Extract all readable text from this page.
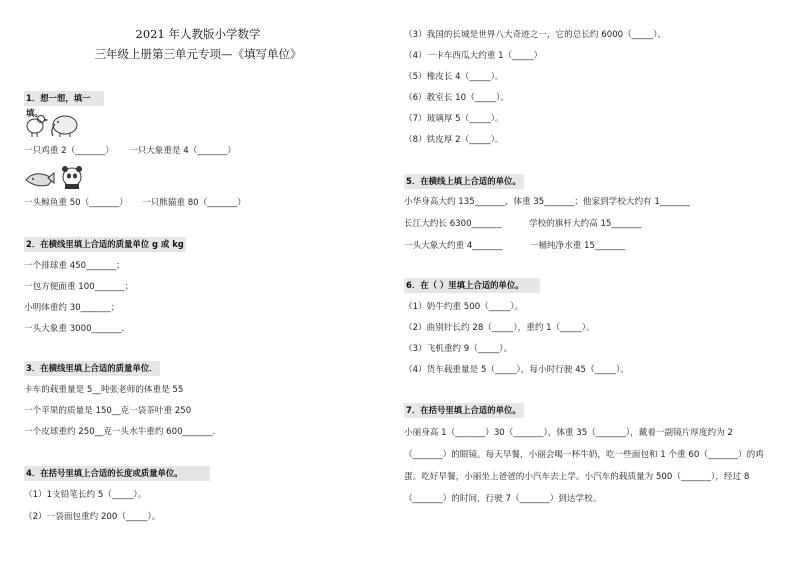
2021 年人教版小学数学
三年级上册第三单元专项—《填写单位》
1．想一想，填一填。
一只鸡重 2（_______） 一只大象重是 4（_______）
一头鲸鱼重 50（_______） 一只熊猫重 80（_______）
2．在横线里填上合适的质量单位 g 或 kg
一个排球重 450_______；
一包方便面重 100_______；
小明体重约 30_______；
一头大象重 3000_______．
3．在横线里填上合适的质量单位．
卡车的载重量是 5__吨张老师的体重是 55
一个苹果的质量是 150__克一袋茶叶重 250
一个皮球重约 250__克一头水牛重约 600_______．
4．在括号里填上合适的长度或质量单位。
（1）1支铅笔长约 5（_____）。
（2）一袋面包重约 200（_____）。
（3）我国的长城是世界八大奇迹之一，它的总长约 6000（_____）。
（4）一卡车西瓜大约重 1（_____）
（5）橡皮长 4（_____）。
（6）教室长 10（_____）。
（7）玻璃厚 5（_____）。
（8）铁皮厚 2（_____）。
5．在横线上填上合适的单位。
小华身高大约 135_______，体重 35_______；他家到学校大约有 1_______
长江大约长 6300_______          学校的旗杆大约高 15_______
一头大象大约重 4_______          一桶纯净水重 15_______
6．在（ ）里填上合适的单位。
（1）奶牛约重 500（_____）。
（2）曲别针长约 28（_____），重约 1（_____）。
（3）飞机重约 9（_____）。
（4）货车载重量是 5（_____），每小时行驶 45（_____）。
7．在括号里填上合适的单位。
小丽身高 1（_______）30（_______），体重 35（_______），戴着一副镜片厚度约为 2
（_______）的眼镜。每天早餐，小丽会喝一杯牛奶，吃一些面包和 1 个重 60（_______）的鸡
蛋。吃好早餐，小丽坐上爸爸的小汽车去上学。小汽车的载质量为 500（_______），经过 8
（_______）的时间，行驶 7（_______）到达学校。
